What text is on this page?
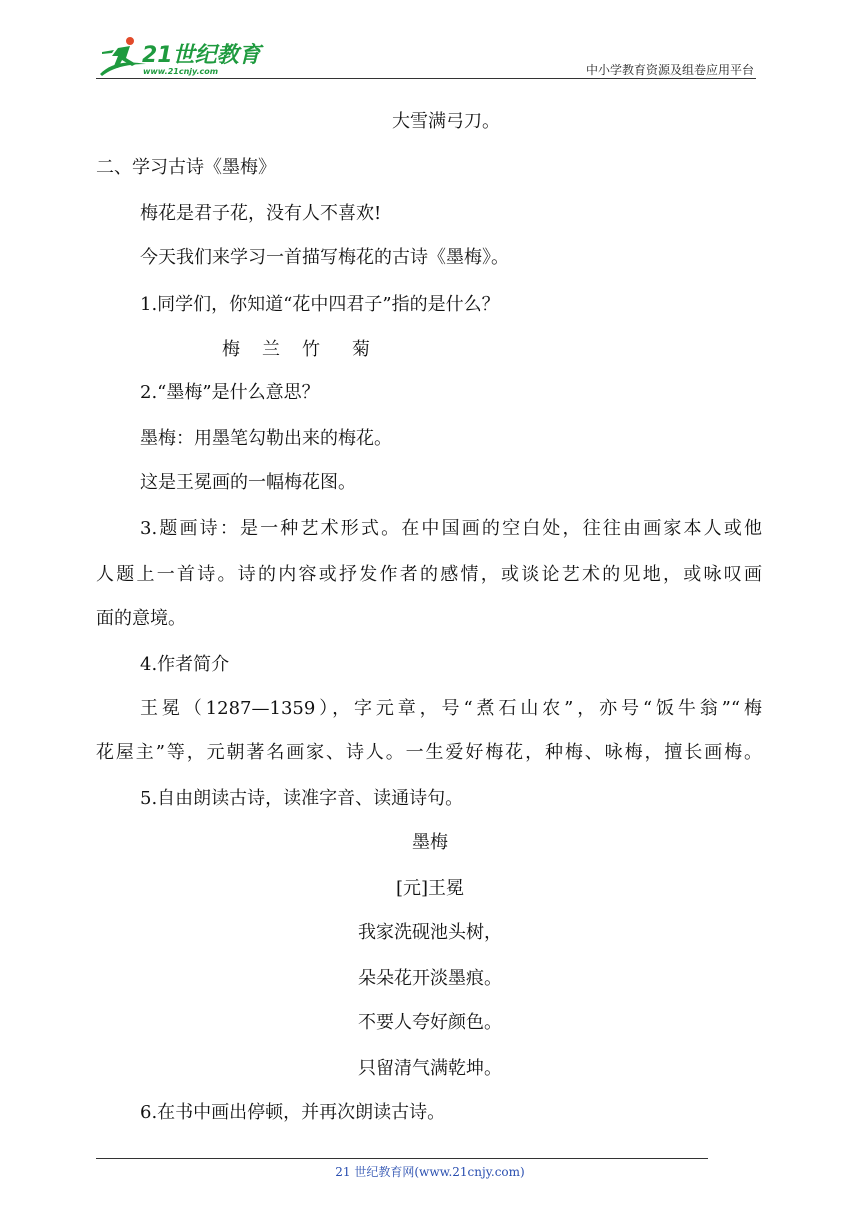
21世纪教育
www.21cnjy.com	中小学教育资源及组卷应用平台
大雪满弓刀。
二、学习古诗《墨梅》
梅花是君子花，没有人不喜欢!
今天我们来学习一首描写梅花的古诗《墨梅》。
1.同学们，你知道“花中四君子”指的是什么？
梅 兰 竹 菊
2.“墨梅”是什么意思？
墨梅：用墨笔勾勒出来的梅花。
这是王冕画的一幅梅花图。
3.题画诗：是一种艺术形式。在中国画的空白处，往往由画家本人或他
人题上一首诗。诗的内容或抒发作者的感情，或谈论艺术的见地，或咏叹画
面的意境。
4.作者简介
王冕（1287—1359），字元章，号“煮石山农”，亦号“饭牛翁”“梅
花屋主”等，元朝著名画家、诗人。一生爱好梅花，种梅、咏梅，擅长画梅。
5.自由朗读古诗，读准字音、读通诗句。
墨梅
[元]王冕
我家洗砚池头树，
朵朵花开淡墨痕。
不要人夸好颜色。
只留清气满乾坤。
6.在书中画出停顿，并再次朗读古诗。
21 世纪教育网(www.21cnjy.com)
